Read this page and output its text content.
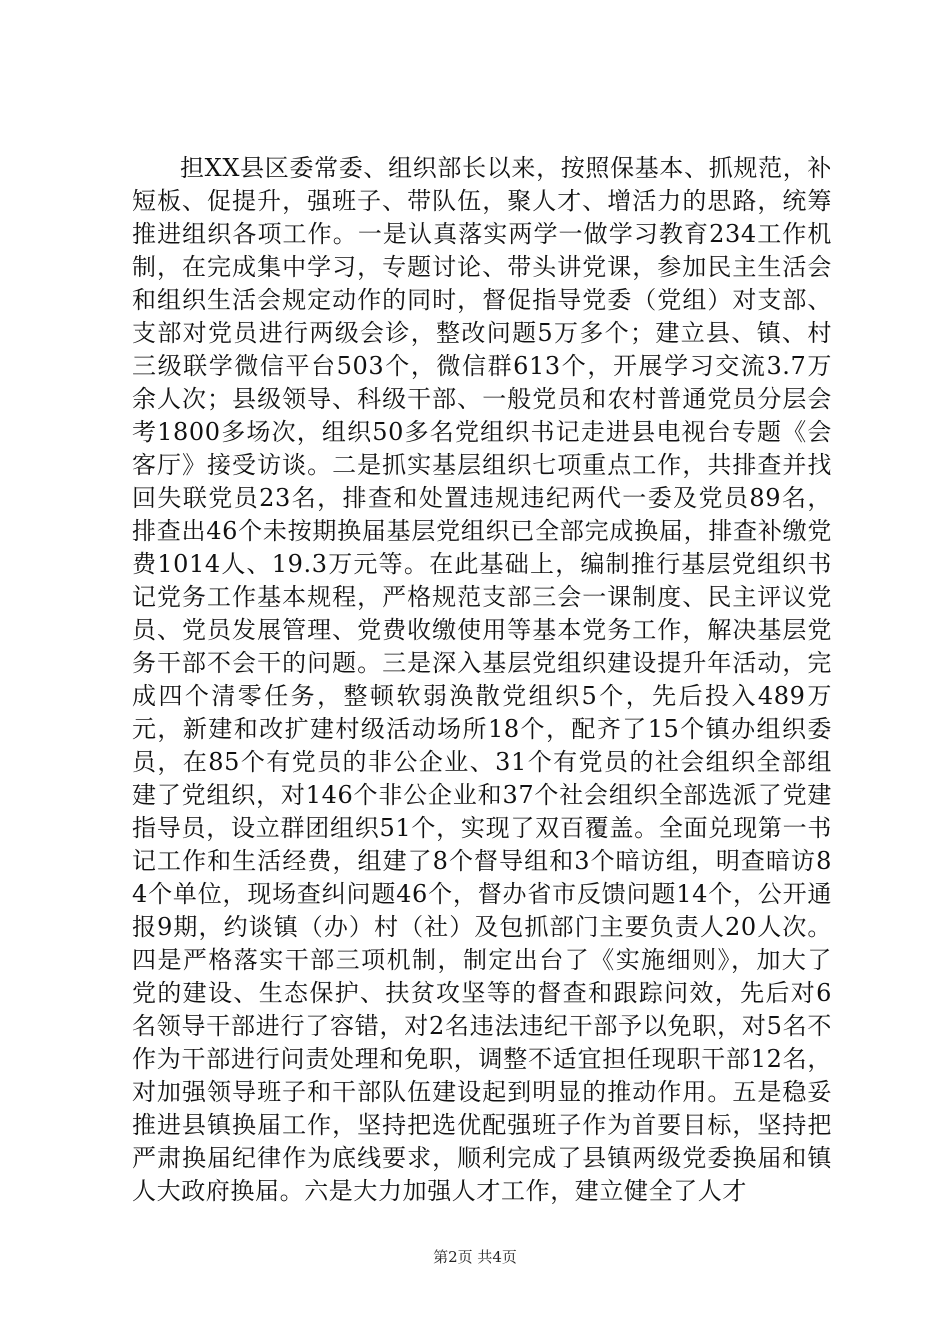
担XX县区委常委、组织部长以来，按照保基本、抓规范，补短板、促提升，强班子、带队伍，聚人才、增活力的思路，统筹推进组织各项工作。一是认真落实两学一做学习教育234工作机制，在完成集中学习，专题讨论、带头讲党课，参加民主生活会和组织生活会规定动作的同时，督促指导党委（党组）对支部、支部对党员进行两级会诊，整改问题5万多个；建立县、镇、村三级联学微信平台503个，微信群613个，开展学习交流3.7万余人次；县级领导、科级干部、一般党员和农村普通党员分层会考1800多场次，组织50多名党组织书记走进县电视台专题《会客厅》接受访谈。二是抓实基层组织七项重点工作，共排查并找回失联党员23名，排查和处置违规违纪两代一委及党员89名，排查出46个未按期换届基层党组织已全部完成换届，排查补缴党费1014人、19.3万元等。在此基础上，编制推行基层党组织书记党务工作基本规程，严格规范支部三会一课制度、民主评议党员、党员发展管理、党费收缴使用等基本党务工作，解决基层党务干部不会干的问题。三是深入基层党组织建设提升年活动，完成四个清零任务，整顿软弱涣散党组织5个，先后投入489万元，新建和改扩建村级活动场所18个，配齐了15个镇办组织委员，在85个有党员的非公企业、31个有党员的社会组织全部组建了党组织，对146个非公企业和37个社会组织全部选派了党建指导员，设立群团组织51个，实现了双百覆盖。全面兑现第一书记工作和生活经费，组建了8个督导组和3个暗访组，明查暗访84个单位，现场查纠问题46个，督办省市反馈问题14个，公开通报9期，约谈镇（办）村（社）及包抓部门主要负责人20人次。四是严格落实干部三项机制，制定出台了《实施细则》，加大了党的建设、生态保护、扶贫攻坚等的督查和跟踪问效，先后对6名领导干部进行了容错，对2名违法违纪干部予以免职，对5名不作为干部进行问责处理和免职，调整不适宜担任现职干部12名，对加强领导班子和干部队伍建设起到明显的推动作用。五是稳妥推进县镇换届工作，坚持把选优配强班子作为首要目标，坚持把严肃换届纪律作为底线要求，顺利完成了县镇两级党委换届和镇人大政府换届。六是大力加强人才工作，建立健全了人才

第2页 共4页
